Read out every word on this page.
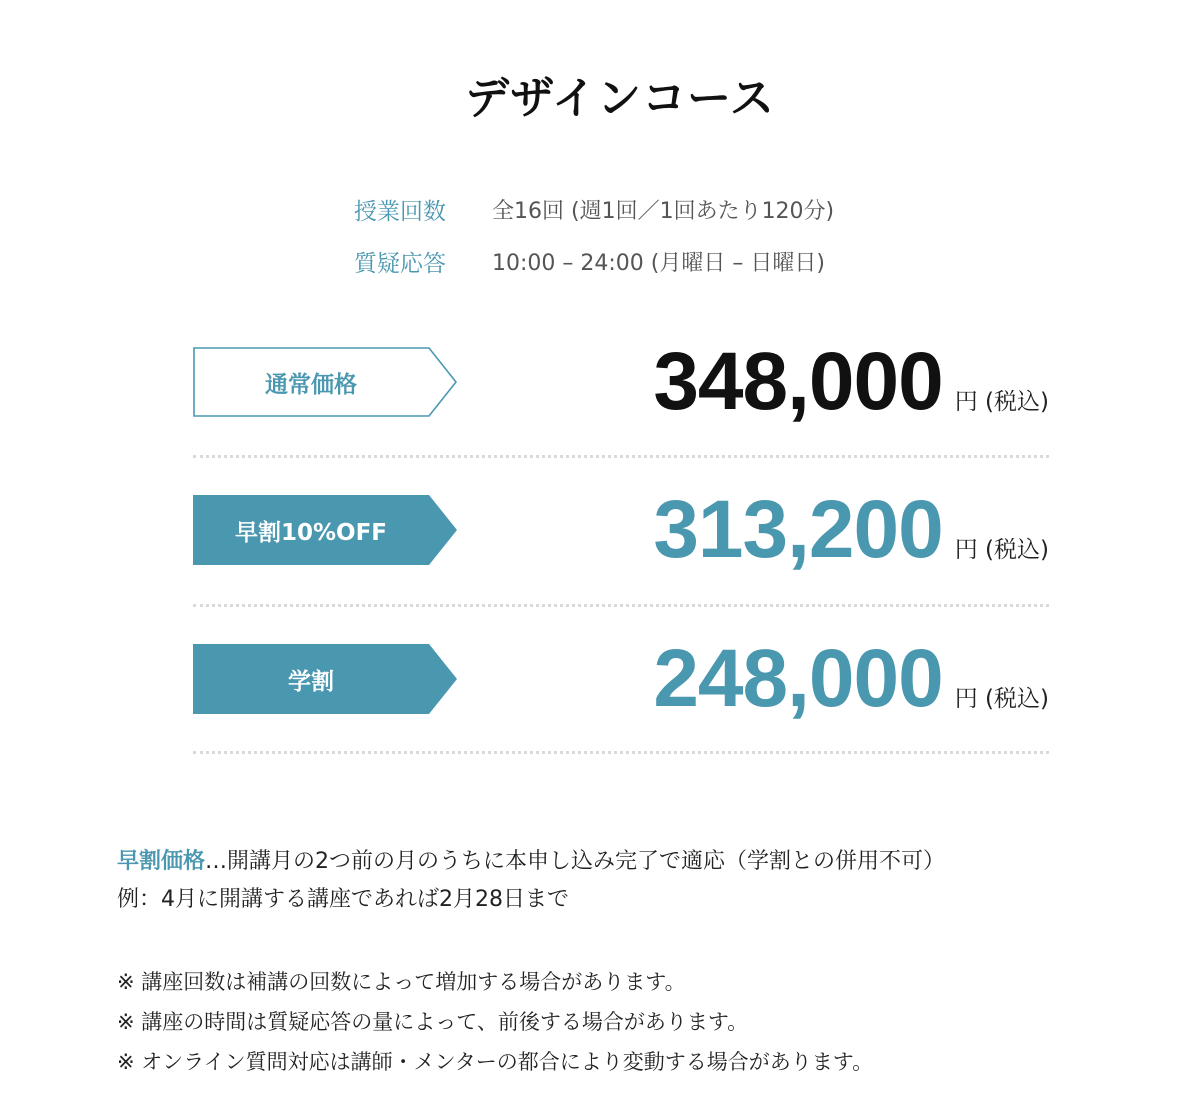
デザインコース
授業回数	全16回 (週1回／1回あたり120分)
質疑応答	10:00 – 24:00 (月曜日 – 日曜日)
通常価格	348,000 円 (税込)
早割10%OFF	313,200 円 (税込)
学割	248,000 円 (税込)
早割価格…開講月の2つ前の月のうちに本申し込み完了で適応（学割との併用不可）
例：4月に開講する講座であれば2月28日まで
※ 講座回数は補講の回数によって増加する場合があります。
※ 講座の時間は質疑応答の量によって、前後する場合があります。
※ オンライン質問対応は講師・メンターの都合により変動する場合があります。
